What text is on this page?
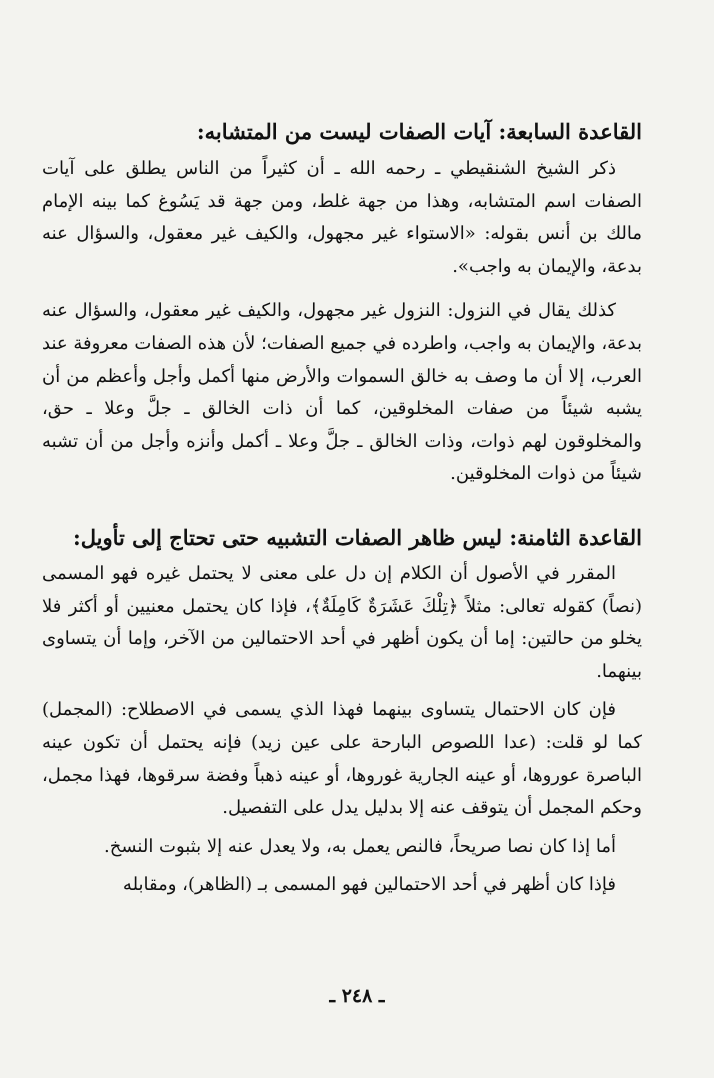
القاعدة السابعة: آيات الصفات ليست من المتشابه:

ذكر الشيخ الشنقيطي ـ رحمه الله ـ أن كثيراً من الناس يطلق على آيات الصفات اسم المتشابه، وهذا من جهة غلط، ومن جهة قد يَسُوغ كما بينه الإمام مالك بن أنس بقوله: «الاستواء غير مجهول، والكيف غير معقول، والسؤال عنه بدعة، والإيمان به واجب».

كذلك يقال في النزول: النزول غير مجهول، والكيف غير معقول، والسؤال عنه بدعة، والإيمان به واجب، واطرده في جميع الصفات؛ لأن هذه الصفات معروفة عند العرب، إلا أن ما وصف به خالق السموات والأرض منها أكمل وأجل وأعظم من أن يشبه شيئاً من صفات المخلوقين، كما أن ذات الخالق ـ جلَّ وعلا ـ حق، والمخلوقون لهم ذوات، وذات الخالق ـ جلَّ وعلا ـ أكمل وأنزه وأجل من أن تشبه شيئاً من ذوات المخلوقين.

القاعدة الثامنة: ليس ظاهر الصفات التشبيه حتى تحتاج إلى تأويل:

المقرر في الأصول أن الكلام إن دل على معنى لا يحتمل غيره فهو المسمى (نصاً) كقوله تعالى: مثلاً ﴿تِلْكَ عَشَرَةٌ كَامِلَةٌ﴾، فإذا كان يحتمل معنيين أو أكثر فلا يخلو من حالتين: إما أن يكون أظهر في أحد الاحتمالين من الآخر، وإما أن يتساوى بينهما.

فإن كان الاحتمال يتساوى بينهما فهذا الذي يسمى في الاصطلاح: (المجمل) كما لو قلت: (عدا اللصوص البارحة على عين زيد) فإنه يحتمل أن تكون عينه الباصرة عوروها، أو عينه الجارية غوروها، أو عينه ذهباً وفضة سرقوها، فهذا مجمل، وحكم المجمل أن يتوقف عنه إلا بدليل يدل على التفصيل.

أما إذا كان نصا صريحاً، فالنص يعمل به، ولا يعدل عنه إلا بثبوت النسخ.

فإذا كان أظهر في أحد الاحتمالين فهو المسمى بـ (الظاهر)، ومقابله

ـ ٢٤٨ ـ
